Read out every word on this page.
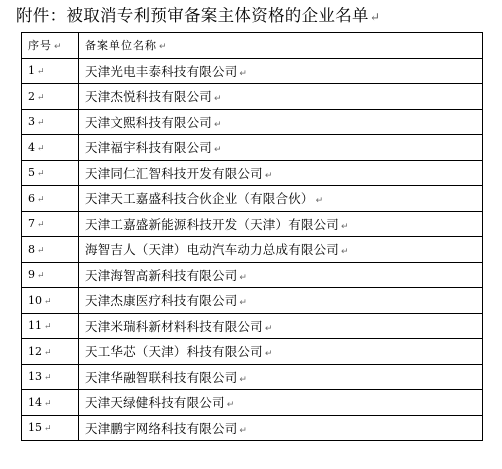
附件：被取消专利预审备案主体资格的企业名单↵
序号 ↵	备案单位名称 ↵
1 ↵	天津光电丰泰科技有限公司 ↵
2 ↵	天津杰悦科技有限公司 ↵
3 ↵	天津文熙科技有限公司 ↵
4 ↵	天津福宇科技有限公司 ↵
5 ↵	天津同仁汇智科技开发有限公司 ↵
6 ↵	天津天工嘉盛科技合伙企业（有限合伙） ↵
7 ↵	天津工嘉盛新能源科技开发（天津）有限公司 ↵
8 ↵	海智吉人（天津）电动汽车动力总成有限公司 ↵
9 ↵	天津海智高新科技有限公司 ↵
10 ↵	天津杰康医疗科技有限公司 ↵
11 ↵	天津米瑞科新材料科技有限公司 ↵
12 ↵	天工华芯（天津）科技有限公司 ↵
13 ↵	天津华融智联科技有限公司 ↵
14 ↵	天津天绿健科技有限公司 ↵
15 ↵	天津鹏宇网络科技有限公司 ↵
